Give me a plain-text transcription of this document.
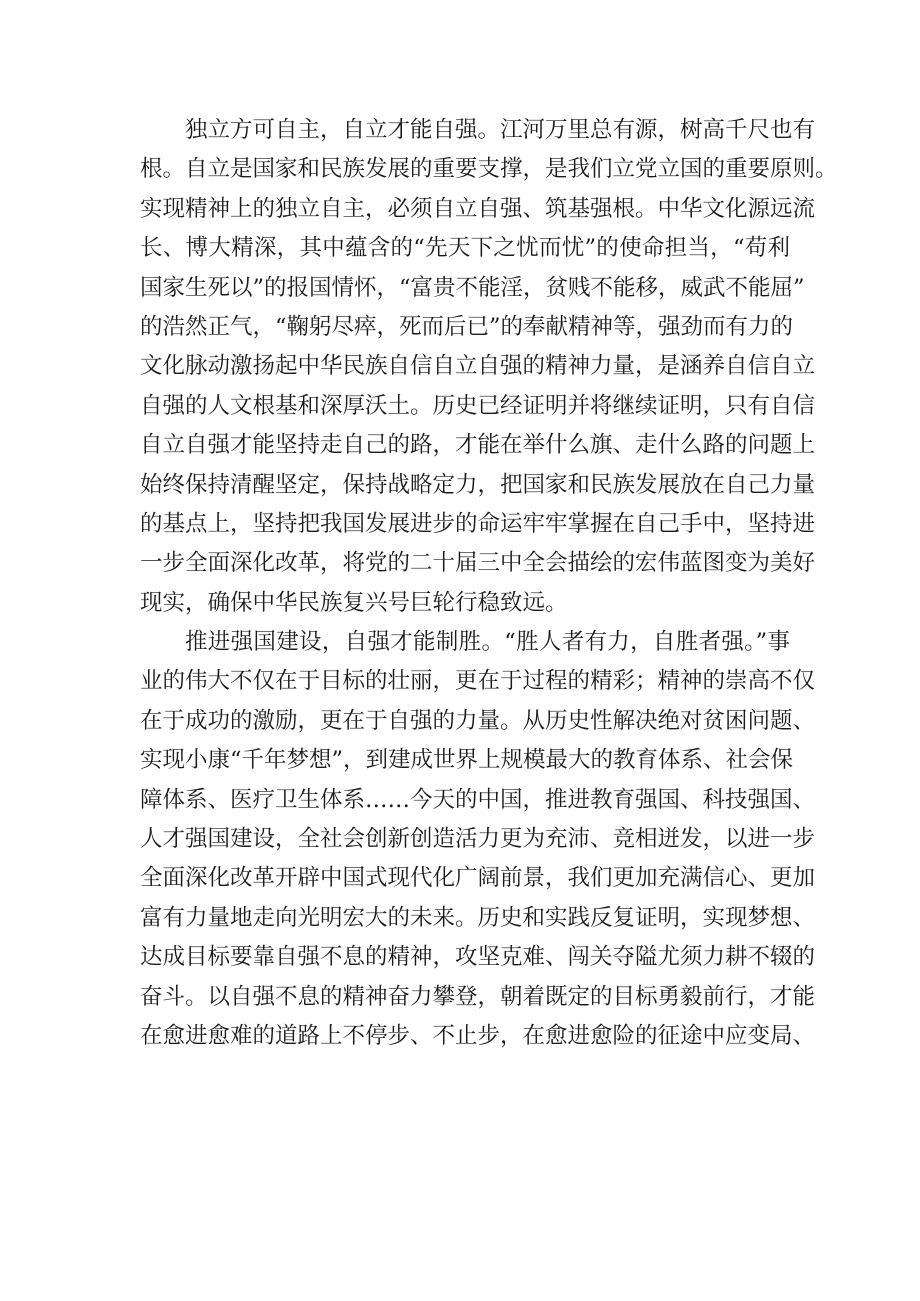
独立方可自主，自立才能自强。江河万里总有源，树高千尺也有
根。自立是国家和民族发展的重要支撑，是我们立党立国的重要原则。
实现精神上的独立自主，必须自立自强、筑基强根。中华文化源远流
长、博大精深，其中蕴含的“先天下之忧而忧”的使命担当，“苟利
国家生死以”的报国情怀，“富贵不能淫，贫贱不能移，威武不能屈”
的浩然正气，“鞠躬尽瘁，死而后已”的奉献精神等，强劲而有力的
文化脉动激扬起中华民族自信自立自强的精神力量，是涵养自信自立
自强的人文根基和深厚沃土。历史已经证明并将继续证明，只有自信
自立自强才能坚持走自己的路，才能在举什么旗、走什么路的问题上
始终保持清醒坚定，保持战略定力，把国家和民族发展放在自己力量
的基点上，坚持把我国发展进步的命运牢牢掌握在自己手中，坚持进
一步全面深化改革，将党的二十届三中全会描绘的宏伟蓝图变为美好
现实，确保中华民族复兴号巨轮行稳致远。
推进强国建设，自强才能制胜。“胜人者有力，自胜者强。”事
业的伟大不仅在于目标的壮丽，更在于过程的精彩；精神的崇高不仅
在于成功的激励，更在于自强的力量。从历史性解决绝对贫困问题、
实现小康“千年梦想”，到建成世界上规模最大的教育体系、社会保
障体系、医疗卫生体系……今天的中国，推进教育强国、科技强国、
人才强国建设，全社会创新创造活力更为充沛、竞相迸发，以进一步
全面深化改革开辟中国式现代化广阔前景，我们更加充满信心、更加
富有力量地走向光明宏大的未来。历史和实践反复证明，实现梦想、
达成目标要靠自强不息的精神，攻坚克难、闯关夺隘尤须力耕不辍的
奋斗。以自强不息的精神奋力攀登，朝着既定的目标勇毅前行，才能
在愈进愈难的道路上不停步、不止步，在愈进愈险的征途中应变局、
